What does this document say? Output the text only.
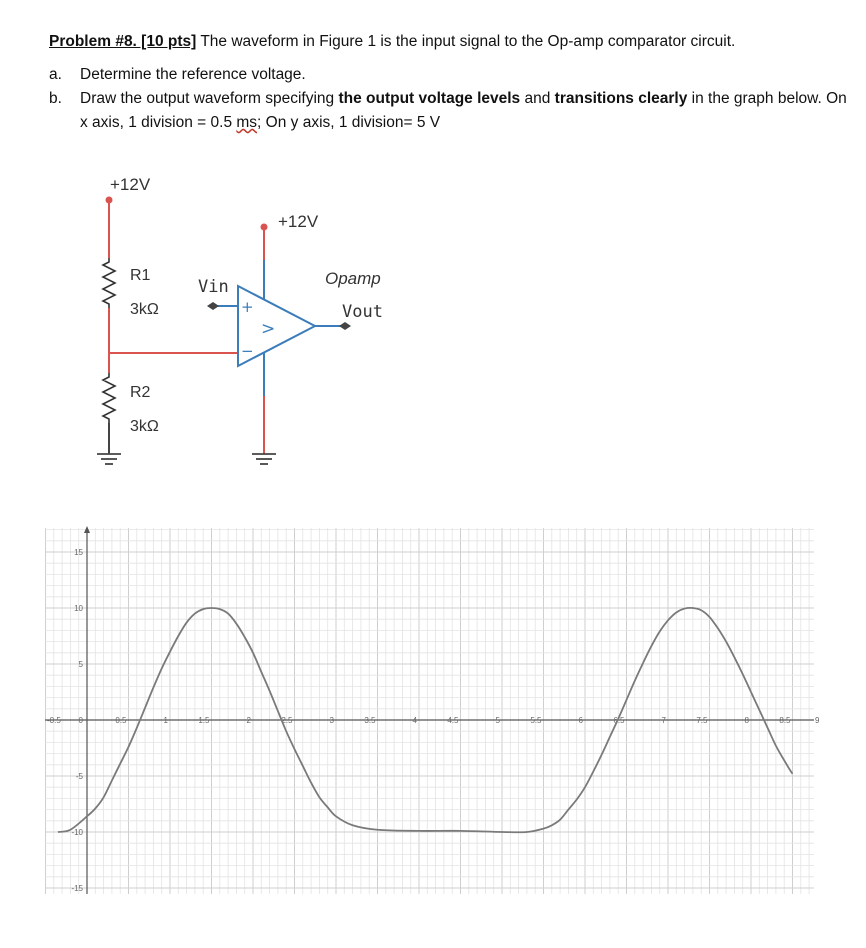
Problem #8. [10 pts] The waveform in Figure 1 is the input signal to the Op-amp comparator circuit.
a. Determine the reference voltage.
b. Draw the output waveform specifying the output voltage levels and transitions clearly in the graph below. On x axis, 1 division = 0.5 ms; On y axis, 1 division= 5 V
+12V
+12V
R1
3kΩ
R2
3kΩ
Vin
Vout
Opamp
+
−
>
0.5	1	1.5	2	2.5	3	3.5	4	4.5	5	5.5	6	6.5	7	7.5	8	8.5
15
10
5
0
-5
-10
-15
-0.5	9
